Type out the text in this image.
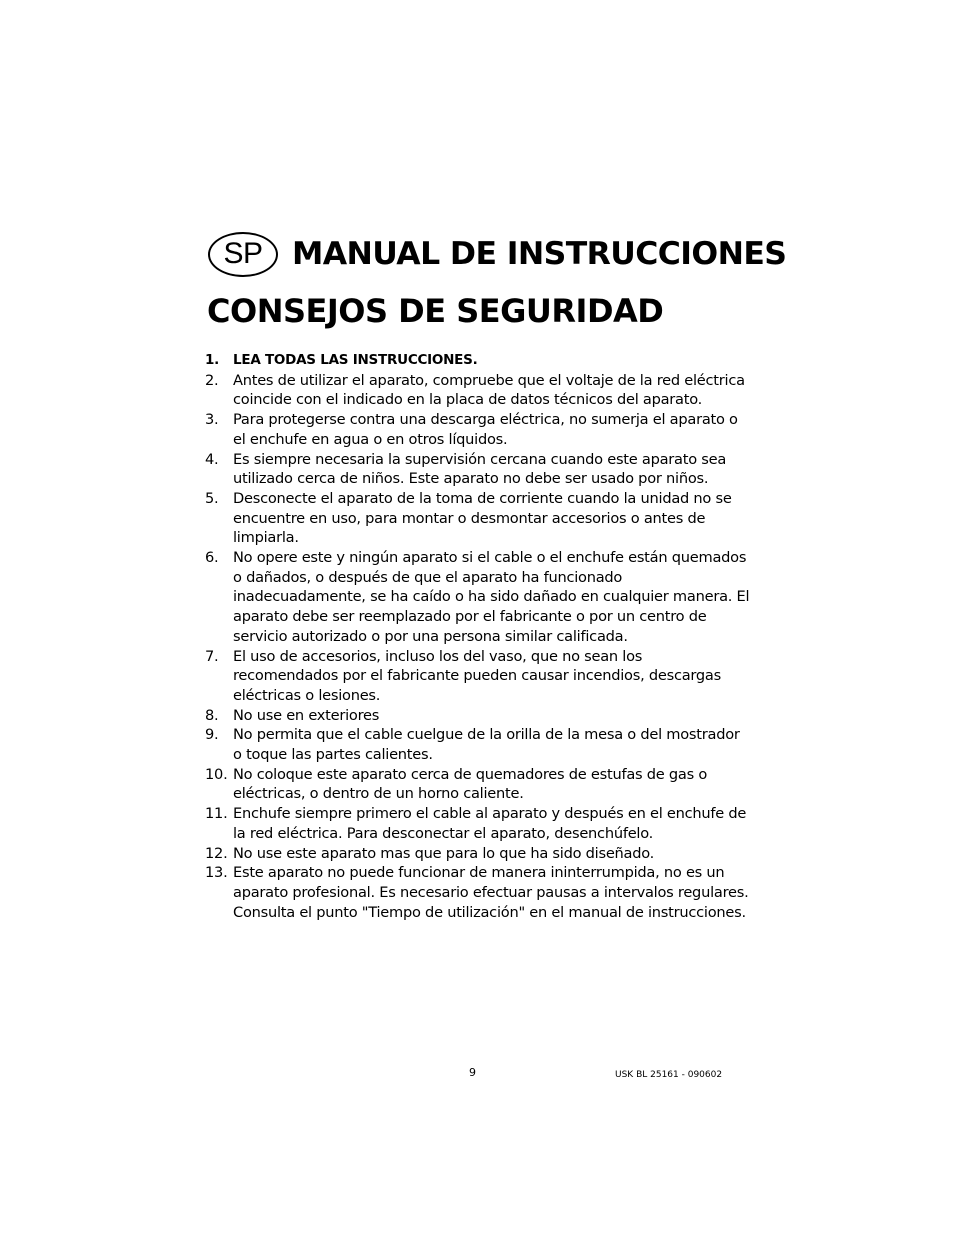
SP MANUAL DE INSTRUCCIONES
CONSEJOS DE SEGURIDAD
1.	LEA TODAS LAS INSTRUCCIONES.
2. Antes de utilizar el aparato, compruebe que el voltaje de la red eléctrica coincide con el indicado en la placa de datos técnicos del aparato.
3. Para protegerse contra una descarga eléctrica, no sumerja el aparato o el enchufe en agua o en otros líquidos.
4. Es siempre necesaria la supervisión cercana cuando este aparato sea utilizado cerca de niños. Este aparato no debe ser usado por niños.
5. Desconecte el aparato de la toma de corriente cuando la unidad no se encuentre en uso, para montar o desmontar accesorios o antes de limpiarla.
6. No opere este y ningún aparato si el cable o el enchufe están quemados o dañados, o después de que el aparato ha funcionado inadecuadamente, se ha caído o ha sido dañado en cualquier manera. El aparato debe ser reemplazado por el fabricante o por un centro de servicio autorizado o por una persona similar calificada.
7. El uso de accesorios, incluso los del vaso, que no sean los recomendados por el fabricante pueden causar incendios, descargas eléctricas o lesiones.
8. No use en exteriores
9. No permita que el cable cuelgue de la orilla de la mesa o del mostrador o toque las partes calientes.
10. No coloque este aparato cerca de quemadores de estufas de gas o eléctricas, o dentro de un horno caliente.
11. Enchufe siempre primero el cable al aparato y después en el enchufe de la red eléctrica. Para desconectar el aparato, desenchúfelo.
12. No use este aparato mas que para lo que ha sido diseñado.
13. Este aparato no puede funcionar de manera ininterrumpida, no es un aparato profesional. Es necesario efectuar pausas a intervalos regulares. Consulta el punto "Tiempo de utilización" en el manual de instrucciones.
9	USK BL 25161 - 090602
